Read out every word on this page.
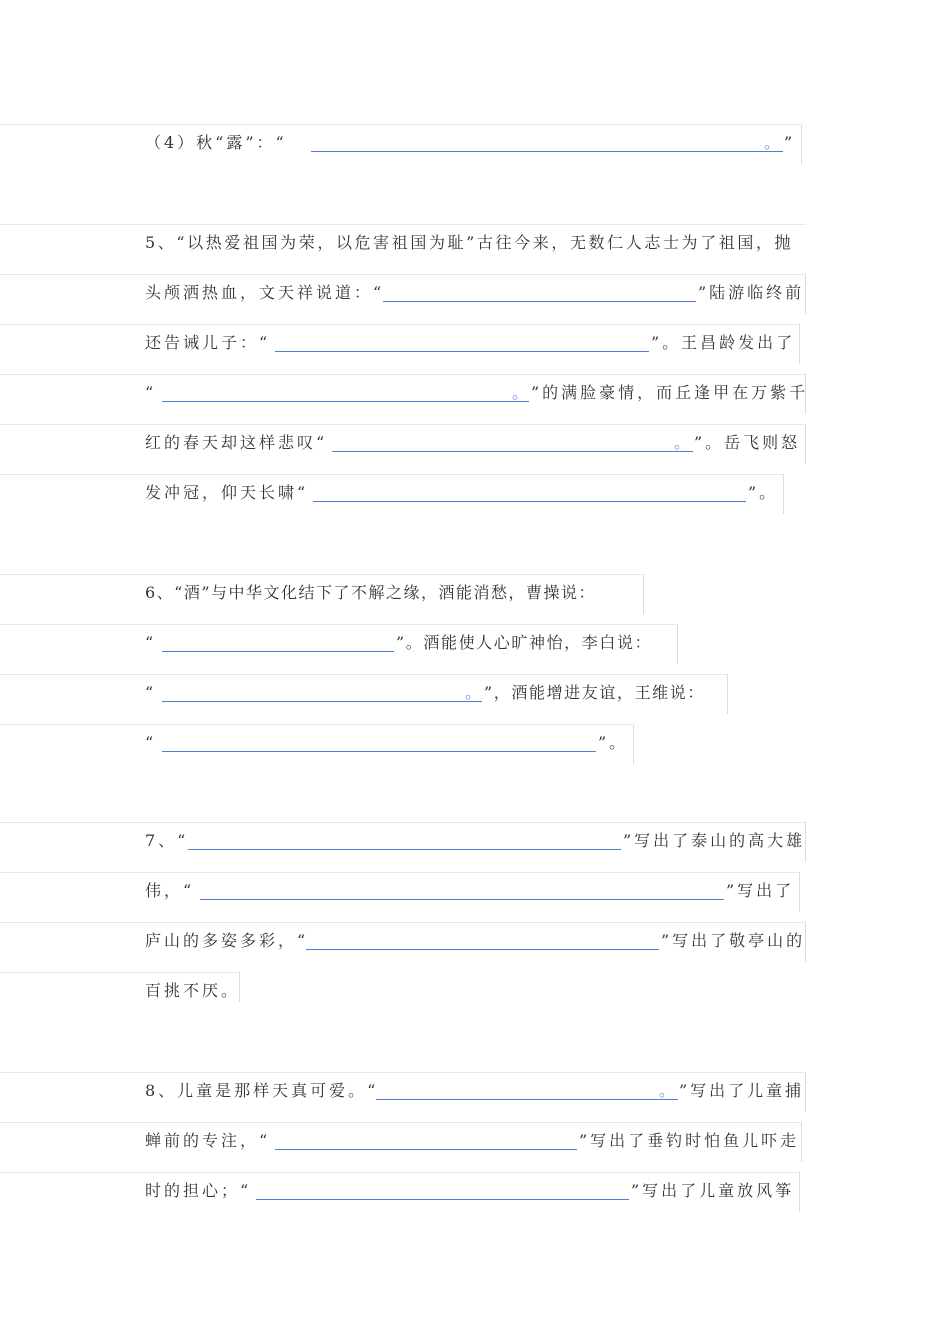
（4）秋“露”：“	。 ”
5、“以热爱祖国为荣，以危害祖国为耻”古往今来，无数仁人志士为了祖国，抛
头颅洒热血，文天祥说道：“	”陆游临终前
还告诫儿子：“	”。王昌龄发出了
“	。 ”的满脸豪情，而丘逢甲在万紫千
红的春天却这样悲叹“	。 ”。岳飞则怒
发冲冠，仰天长啸“	”。
6、“酒”与中华文化结下了不解之缘，酒能消愁，曹操说：
“	”。酒能使人心旷神怡，李白说：
“	。 ”，酒能增进友谊，王维说：
“	”。
7、“	”写出了泰山的高大雄
伟，“	”写出了
庐山的多姿多彩，“	”写出了敬亭山的
百挑不厌。
8、儿童是那样天真可爱。“	。 ”写出了儿童捕
蝉前的专注，“	”写出了垂钓时怕鱼儿吓走
时的担心；“	”写出了儿童放风筝
